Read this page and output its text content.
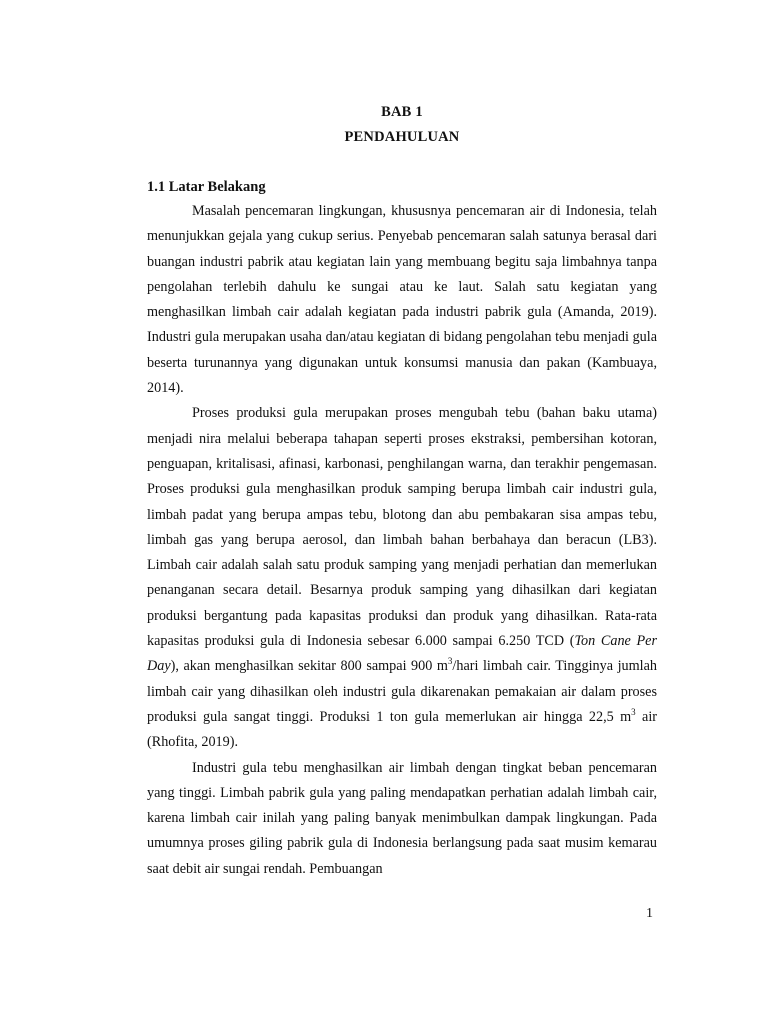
BAB 1
PENDAHULUAN
1.1 Latar Belakang

Masalah pencemaran lingkungan, khususnya pencemaran air di Indonesia, telah menunjukkan gejala yang cukup serius. Penyebab pencemaran salah satunya berasal dari buangan industri pabrik atau kegiatan lain yang membuang begitu saja limbahnya tanpa pengolahan terlebih dahulu ke sungai atau ke laut. Salah satu kegiatan yang menghasilkan limbah cair adalah kegiatan pada industri pabrik gula (Amanda, 2019). Industri gula merupakan usaha dan/atau kegiatan di bidang pengolahan tebu menjadi gula beserta turunannya yang digunakan untuk konsumsi manusia dan pakan (Kambuaya, 2014).

Proses produksi gula merupakan proses mengubah tebu (bahan baku utama) menjadi nira melalui beberapa tahapan seperti proses ekstraksi, pembersihan kotoran, penguapan, kritalisasi, afinasi, karbonasi, penghilangan warna, dan terakhir pengemasan. Proses produksi gula menghasilkan produk samping berupa limbah cair industri gula, limbah padat yang berupa ampas tebu, blotong dan abu pembakaran sisa ampas tebu, limbah gas yang berupa aerosol, dan limbah bahan berbahaya dan beracun (LB3). Limbah cair adalah salah satu produk samping yang menjadi perhatian dan memerlukan penanganan secara detail. Besarnya produk samping yang dihasilkan dari kegiatan produksi bergantung pada kapasitas produksi dan produk yang dihasilkan. Rata-rata kapasitas produksi gula di Indonesia sebesar 6.000 sampai 6.250 TCD (Ton Cane Per Day), akan menghasilkan sekitar 800 sampai 900 $m^3$/hari limbah cair. Tingginya jumlah limbah cair yang dihasilkan oleh industri gula dikarenakan pemakaian air dalam proses produksi gula sangat tinggi. Produksi 1 ton gula memerlukan air hingga 22,5 $m^3$ air (Rhofita, 2019).

Industri gula tebu menghasilkan air limbah dengan tingkat beban pencemaran yang tinggi. Limbah pabrik gula yang paling mendapatkan perhatian adalah limbah cair, karena limbah cair inilah yang paling banyak menimbulkan dampak lingkungan. Pada umumnya proses giling pabrik gula di Indonesia berlangsung pada saat musim kemarau saat debit air sungai rendah. Pembuangan

1
